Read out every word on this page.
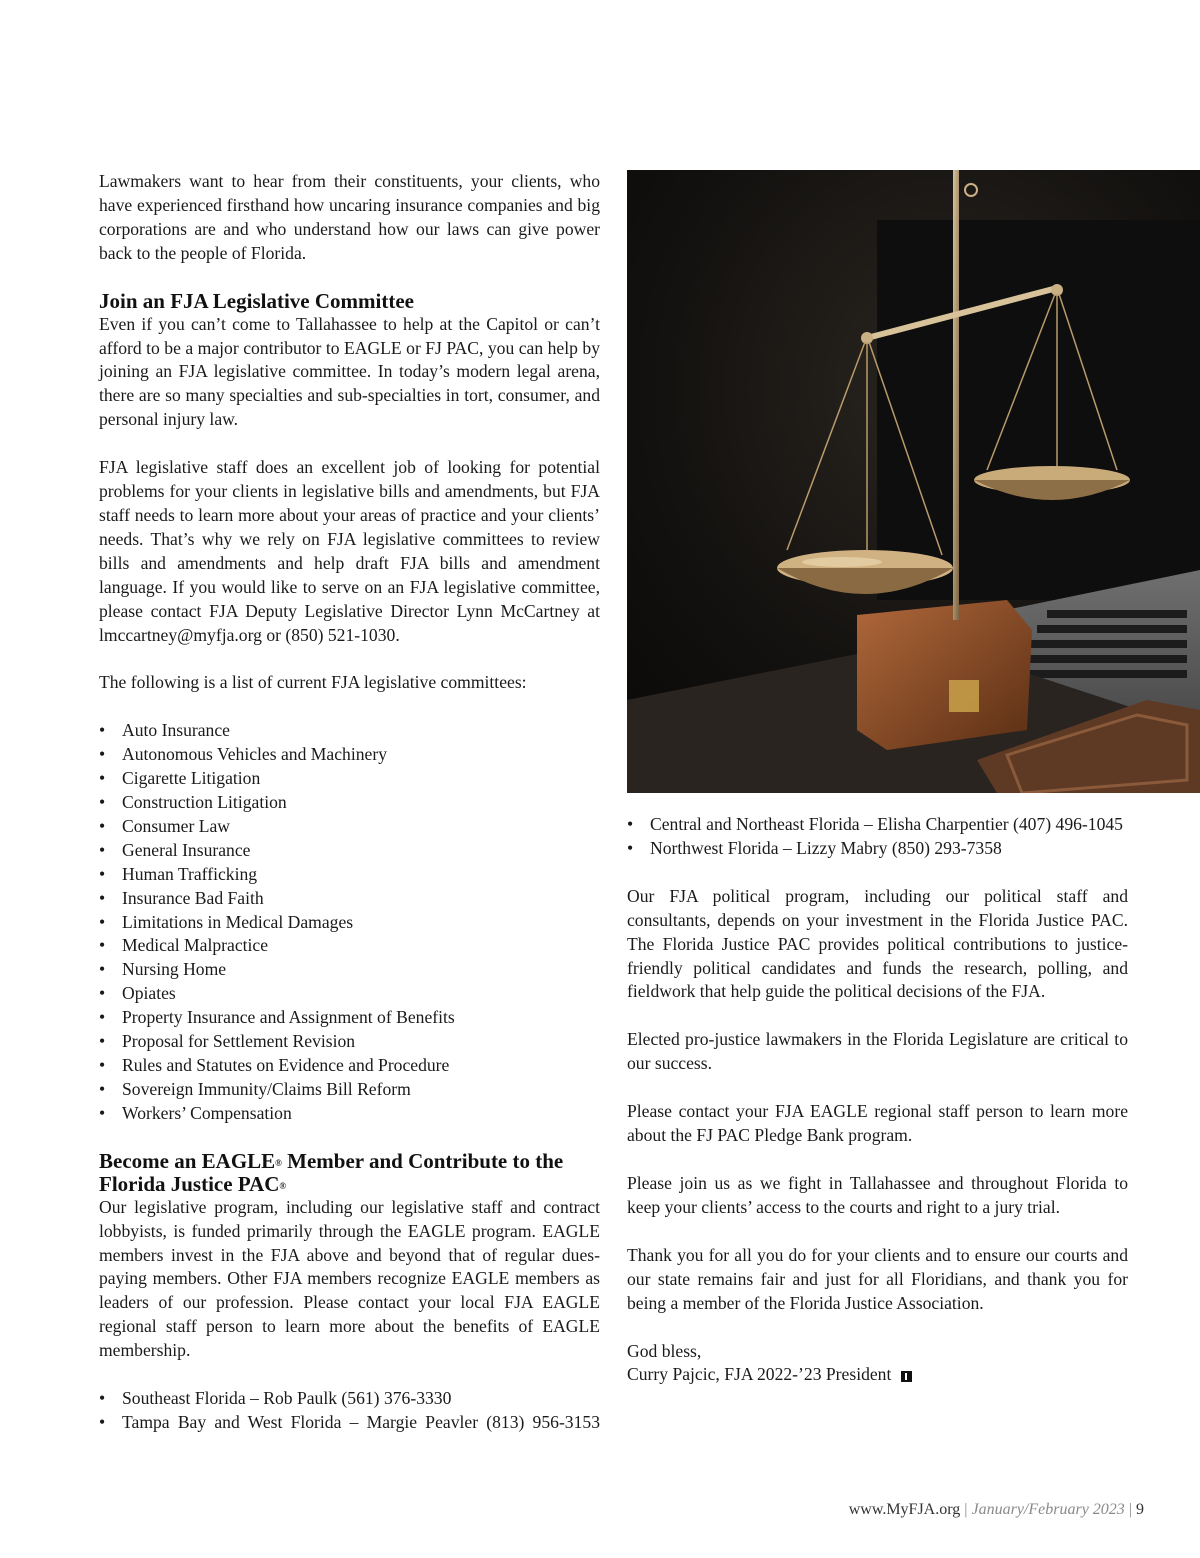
Lawmakers want to hear from their constituents, your clients, who have experienced firsthand how uncaring insurance companies and big corporations are and who understand how our laws can give power back to the people of Florida.

Join an FJA Legislative Committee

Even if you can’t come to Tallahassee to help at the Capitol or can’t afford to be a major contributor to EAGLE or FJ PAC, you can help by joining an FJA legislative committee. In today’s modern legal arena, there are so many specialties and sub-specialties in tort, consumer, and personal injury law.

FJA legislative staff does an excellent job of looking for potential problems for your clients in legislative bills and amendments, but FJA staff needs to learn more about your areas of practice and your clients’ needs. That’s why we rely on FJA legislative committees to review bills and amendments and help draft FJA bills and amendment language. If you would like to serve on an FJA legislative committee, please contact FJA Deputy Legislative Director Lynn McCartney at lmccartney@myfja.org or (850) 521-1030.

The following is a list of current FJA legislative committees:

• Auto Insurance
• Autonomous Vehicles and Machinery
• Cigarette Litigation
• Construction Litigation
• Consumer Law
• General Insurance
• Human Trafficking
• Insurance Bad Faith
• Limitations in Medical Damages
• Medical Malpractice
• Nursing Home
• Opiates
• Property Insurance and Assignment of Benefits
• Proposal for Settlement Revision
• Rules and Statutes on Evidence and Procedure
• Sovereign Immunity/Claims Bill Reform
• Workers’ Compensation
Become an EAGLE® Member and Contribute to the Florida Justice PAC®

Our legislative program, including our legislative staff and contract lobbyists, is funded primarily through the EAGLE program. EAGLE members invest in the FJA above and beyond that of regular dues-paying members. Other FJA members recognize EAGLE members as leaders of our profession. Please contact your local FJA EAGLE regional staff person to learn more about the benefits of EAGLE membership.

• Southeast Florida – Rob Paulk (561) 376-3330
• Tampa Bay and West Florida – Margie Peavler (813) 956-3153
• Central and Northeast Florida – Elisha Charpentier (407) 496-1045
• Northwest Florida – Lizzy Mabry (850) 293-7358

Our FJA political program, including our political staff and consultants, depends on your investment in the Florida Justice PAC. The Florida Justice PAC provides political contributions to justice-friendly political candidates and funds the research, polling, and fieldwork that help guide the political decisions of the FJA.

Elected pro-justice lawmakers in the Florida Legislature are critical to our success.

Please contact your FJA EAGLE regional staff person to learn more about the FJ PAC Pledge Bank program.

Please join us as we fight in Tallahassee and throughout Florida to keep your clients’ access to the courts and right to a jury trial.

Thank you for all you do for your clients and to ensure our courts and our state remains fair and just for all Floridians, and thank you for being a member of the Florida Justice Association.

God bless,

Curry Pajcic, FJA 2022-’23 President

www.MyFJA.org | January/February 2023 | 9
